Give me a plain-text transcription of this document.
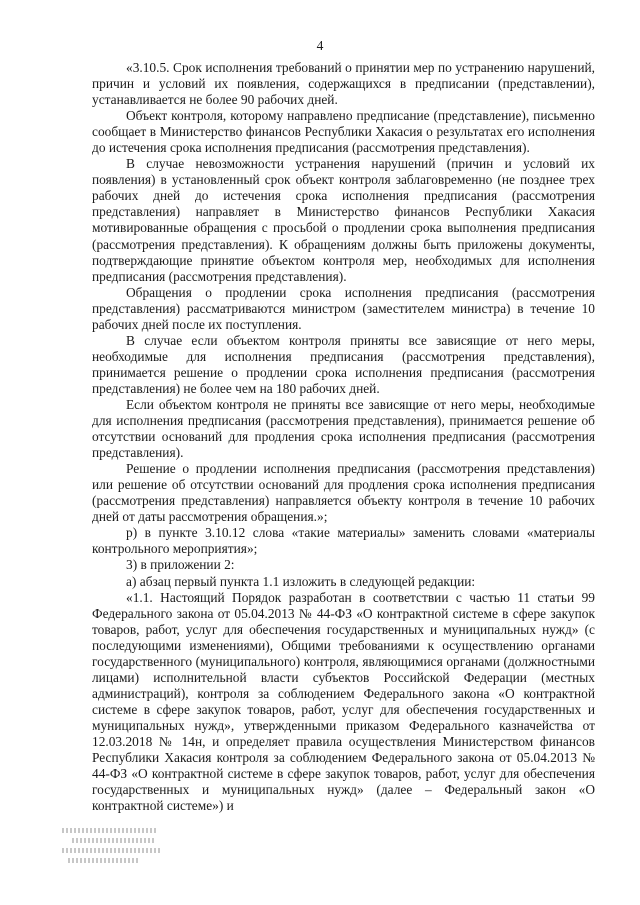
4

«3.10.5. Срок исполнения требований о принятии мер по устранению нарушений, причин и условий их появления, содержащихся в предписании (представлении), устанавливается не более 90 рабочих дней.

Объект контроля, которому направлено предписание (представление), письменно сообщает в Министерство финансов Республики Хакасия о результатах его исполнения до истечения срока исполнения предписания (рассмотрения представления).

В случае невозможности устранения нарушений (причин и условий их появления) в установленный срок объект контроля заблаговременно (не позднее трех рабочих дней до истечения срока исполнения предписания (рассмотрения представления) направляет в Министерство финансов Республики Хакасия мотивированные обращения с просьбой о продлении срока выполнения предписания (рассмотрения представления). К обращениям должны быть приложены документы, подтверждающие принятие объектом контроля мер, необходимых для исполнения предписания (рассмотрения представления).

Обращения о продлении срока исполнения предписания (рассмотрения представления) рассматриваются министром (заместителем министра) в течение 10 рабочих дней после их поступления.

В случае если объектом контроля приняты все зависящие от него меры, необходимые для исполнения предписания (рассмотрения представления), принимается решение о продлении срока исполнения предписания (рассмотрения представления) не более чем на 180 рабочих дней.

Если объектом контроля не приняты все зависящие от него меры, необходимые для исполнения предписания (рассмотрения представления), принимается решение об отсутствии оснований для продления срока исполнения предписания (рассмотрения представления).

Решение о продлении исполнения предписания (рассмотрения представления) или решение об отсутствии оснований для продления срока исполнения предписания (рассмотрения представления) направляется объекту контроля в течение 10 рабочих дней от даты рассмотрения обращения.»;

р) в пункте 3.10.12 слова «такие материалы» заменить словами «материалы контрольного мероприятия»;

3) в приложении 2:

а) абзац первый пункта 1.1 изложить в следующей редакции:

«1.1. Настоящий Порядок разработан в соответствии с частью 11 статьи 99 Федерального закона от 05.04.2013 № 44-ФЗ «О контрактной системе в сфере закупок товаров, работ, услуг для обеспечения государственных и муниципальных нужд» (с последующими изменениями), Общими требованиями к осуществлению органами государственного (муниципального) контроля, являющимися органами (должностными лицами) исполнительной власти субъектов Российской Федерации (местных администраций), контроля за соблюдением Федерального закона «О контрактной системе в сфере закупок товаров, работ, услуг для обеспечения государственных и муниципальных нужд», утвержденными приказом Федерального казначейства от 12.03.2018 № 14н, и определяет правила осуществления Министерством финансов Республики Хакасия контроля за соблюдением Федерального закона от 05.04.2013 № 44-ФЗ «О контрактной системе в сфере закупок товаров, работ, услуг для обеспечения государственных и муниципальных нужд» (далее – Федеральный закон «О контрактной системе») и
